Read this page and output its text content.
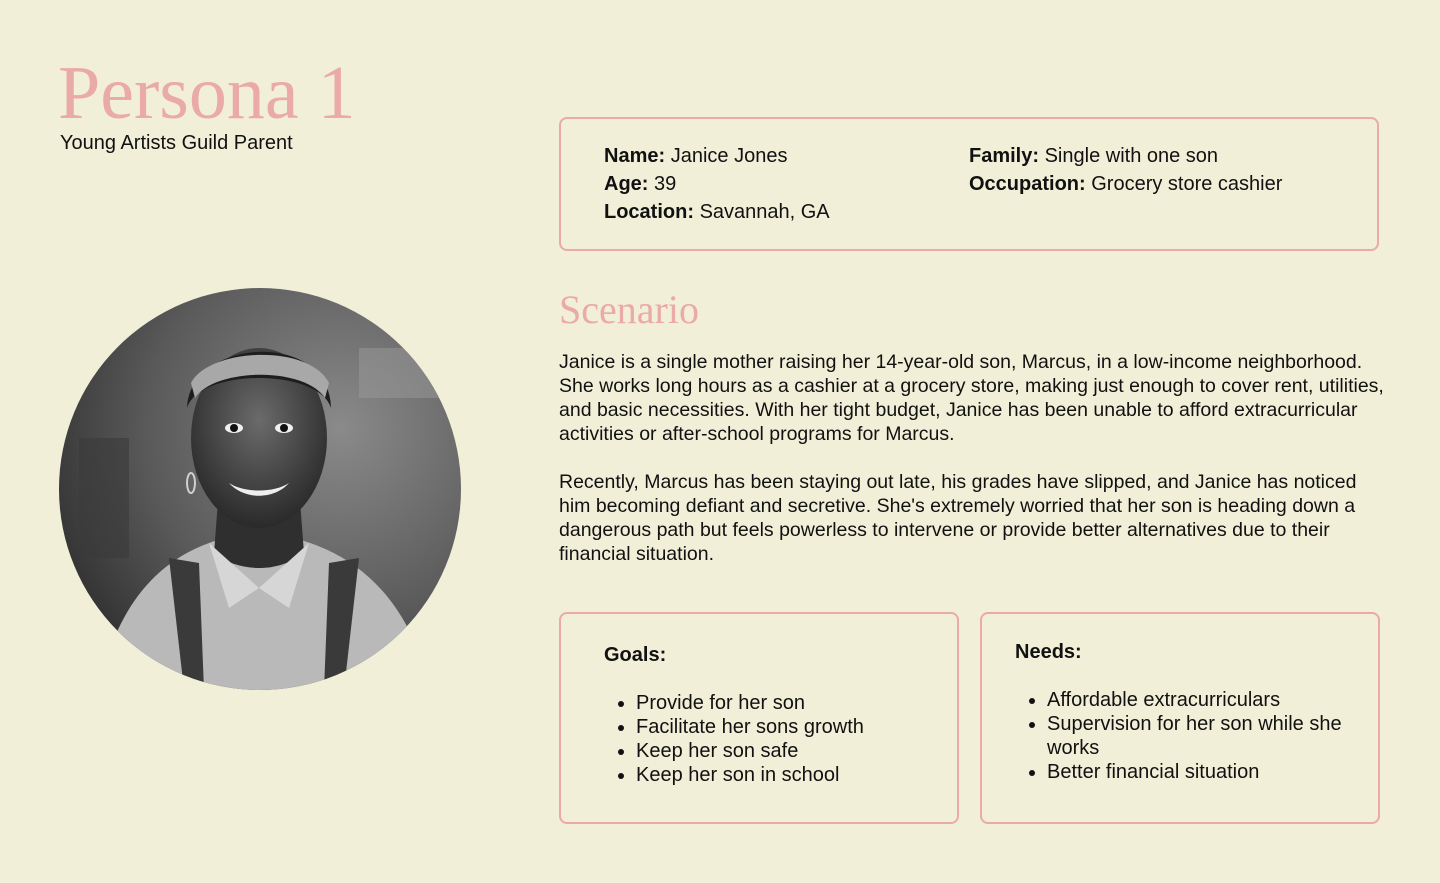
Persona 1
Young Artists Guild Parent
Name: Janice Jones
Age: 39
Location: Savannah, GA
Family: Single with one son
Occupation: Grocery store cashier
Scenario

Janice is a single mother raising her 14-year-old son, Marcus, in a low-income neighborhood. She works long hours as a cashier at a grocery store, making just enough to cover rent, utilities, and basic necessities. With her tight budget, Janice has been unable to afford extracurricular activities or after-school programs for Marcus.

Recently, Marcus has been staying out late, his grades have slipped, and Janice has noticed him becoming defiant and secretive. She's extremely worried that her son is heading down a dangerous path but feels powerless to intervene or provide better alternatives due to their financial situation.

Goals:
• Provide for her son
• Facilitate her sons growth
• Keep her son safe
• Keep her son in school
Needs:
• Affordable extracurriculars
• Supervision for her son while she works
• Better financial situation
